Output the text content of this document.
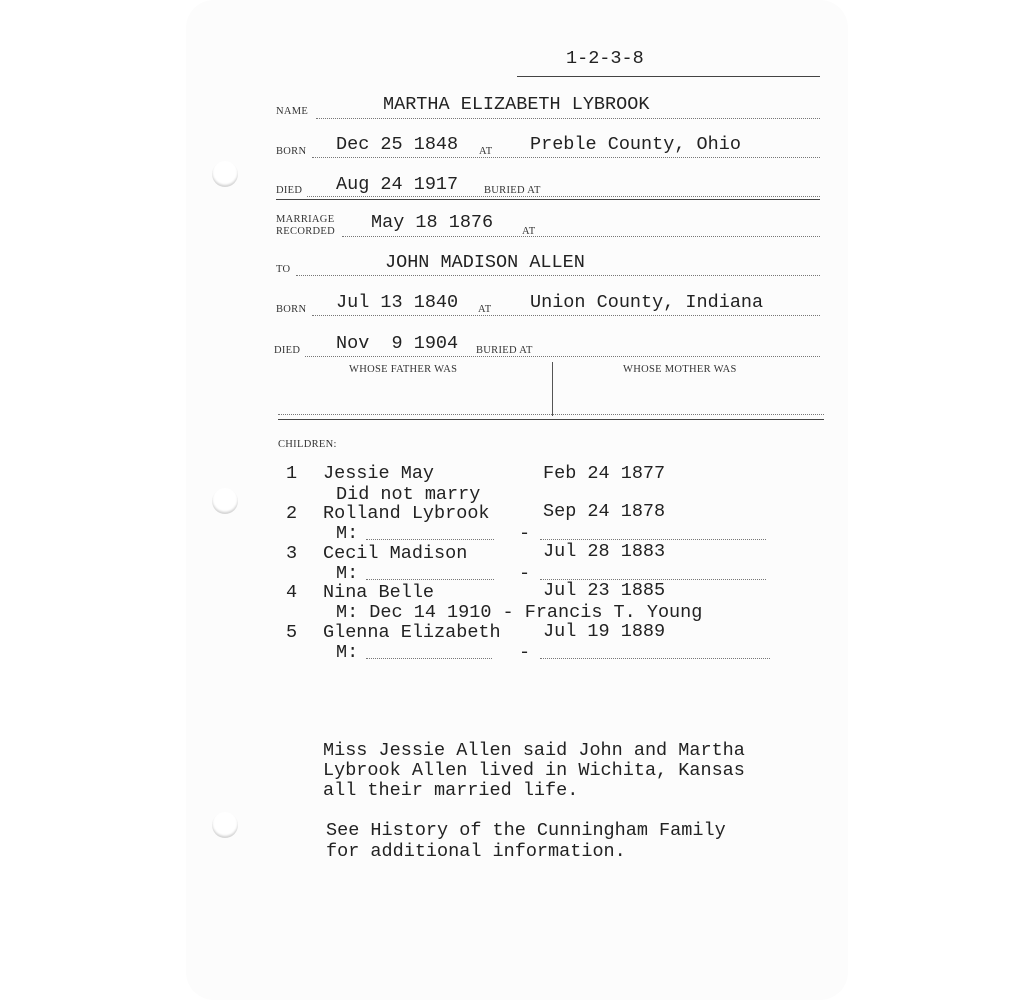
1-2-3-8
NAME	MARTHA ELIZABETH LYBROOK
BORN Dec 25 1848 AT Preble County, Ohio
DIED Aug 24 1917 BURIED AT
MARRIAGE
RECORDED May 18 1876	AT
TO	JOHN MADISON ALLEN
BORN Jul 13 1840 AT Union County, Indiana
DIED Nov  9 1904 BURIED AT
WHOSE FATHER WAS	WHOSE MOTHER WAS
CHILDREN:
1 Jessie May	Feb 24 1877
Did not marry
2 Rolland Lybrook	Sep 24 1878
M:	-
3 Cecil Madison	Jul 28 1883
M:	-
4 Nina Belle	Jul 23 1885
M: Dec 14 1910 - Francis T. Young
5 Glenna Elizabeth Jul 19 1889
M:	-
Miss Jessie Allen said John and Martha
Lybrook Allen lived in Wichita, Kansas
all their married life.
See History of the Cunningham Family
for additional information.
